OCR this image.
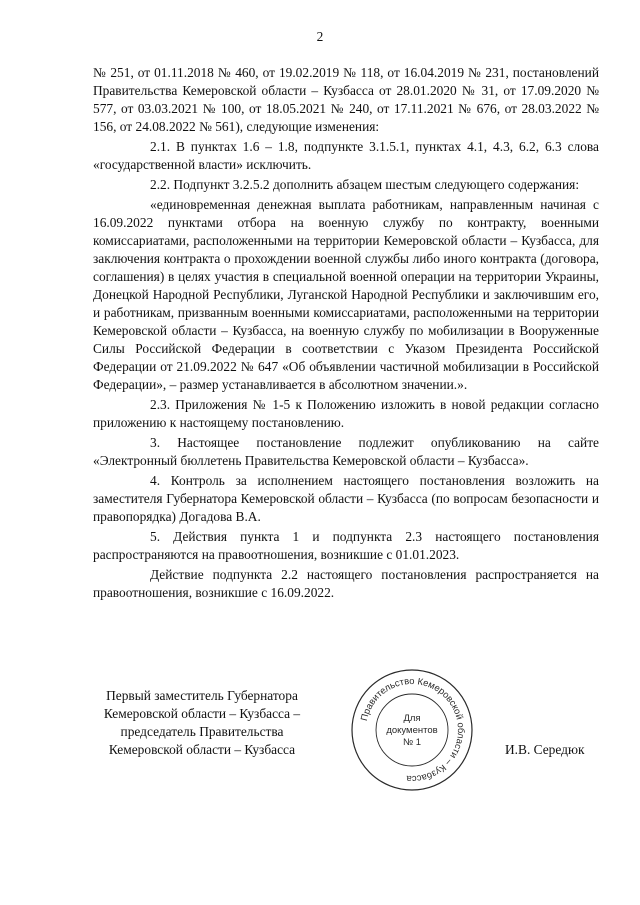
2

№ 251, от 01.11.2018 № 460, от 19.02.2019 № 118, от 16.04.2019 № 231, постановлений Правительства Кемеровской области – Кузбасса от 28.01.2020 № 31, от 17.09.2020 № 577, от 03.03.2021 № 100, от 18.05.2021 № 240, от 17.11.2021 № 676, от 28.03.2022 № 156, от 24.08.2022 № 561), следующие изменения:

2.1. В пунктах 1.6 – 1.8, подпункте 3.1.5.1, пунктах 4.1, 4.3, 6.2, 6.3 слова «государственной власти» исключить.

2.2. Подпункт 3.2.5.2 дополнить абзацем шестым следующего содержания:

«единовременная денежная выплата работникам, направленным начиная с 16.09.2022 пунктами отбора на военную службу по контракту, военными комиссариатами, расположенными на территории Кемеровской области – Кузбасса, для заключения контракта о прохождении военной службы либо иного контракта (договора, соглашения) в целях участия в специальной военной операции на территории Украины, Донецкой Народной Республики, Луганской Народной Республики и заключившим его, и работникам, призванным военными комиссариатами, расположенными на территории Кемеровской области – Кузбасса, на военную службу по мобилизации в Вооруженные Силы Российской Федерации в соответствии с Указом Президента Российской Федерации от 21.09.2022 № 647 «Об объявлении частичной мобилизации в Российской Федерации», – размер устанавливается в абсолютном значении.».

2.3. Приложения № 1-5 к Положению изложить в новой редакции согласно приложению к настоящему постановлению.

3. Настоящее постановление подлежит опубликованию на сайте «Электронный бюллетень Правительства Кемеровской области – Кузбасса».

4. Контроль за исполнением настоящего постановления возложить на заместителя Губернатора Кемеровской области – Кузбасса (по вопросам безопасности и правопорядка) Догадова В.А.

5. Действия пункта 1 и подпункта 2.3 настоящего постановления распространяются на правоотношения, возникшие с 01.01.2023.

Действие подпункта 2.2 настоящего постановления распространяется на правоотношения, возникшие с 16.09.2022.

Первый заместитель Губернатора
Кемеровской области – Кузбасса –
председатель Правительства
Кемеровской области – Кузбасса
Правительство Кемеровской области – Кузбасса
Для
документов
№ 1	И.В. Середюк
